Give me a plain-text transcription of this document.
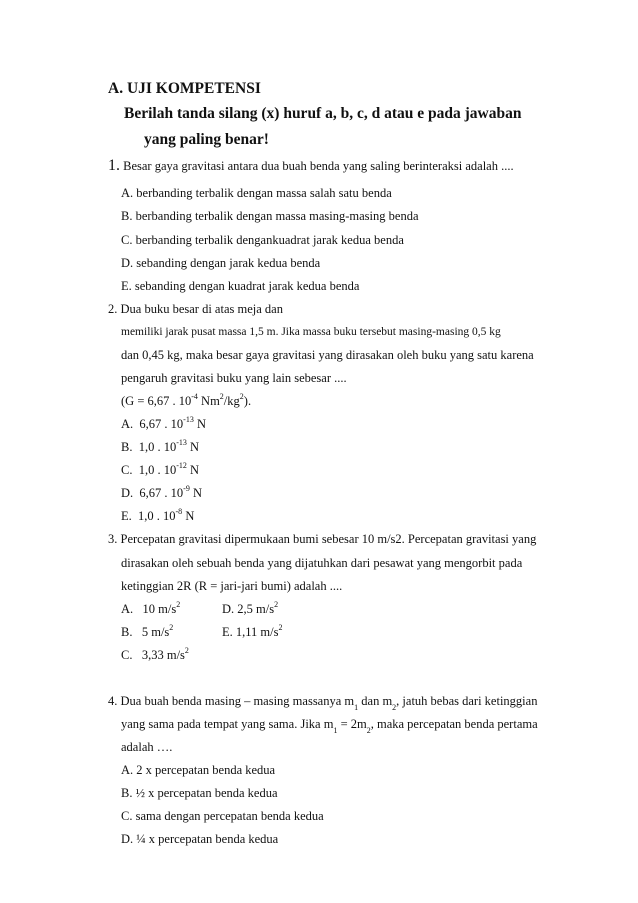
A. UJI KOMPETENSI
Berilah tanda silang (x) huruf a, b, c, d atau e pada jawaban
yang paling benar!
1. Besar gaya gravitasi antara dua buah benda yang saling berinteraksi adalah ....
A. berbanding terbalik dengan massa salah satu benda
B. berbanding terbalik dengan massa masing-masing benda
C. berbanding terbalik dengankuadrat jarak kedua benda
D. sebanding dengan jarak kedua benda
E. sebanding dengan kuadrat jarak kedua benda
2. Dua buku besar di atas meja dan
memiliki jarak pusat massa 1,5 m. Jika massa buku tersebut masing-masing 0,5 kg
dan 0,45 kg, maka besar gaya gravitasi yang dirasakan oleh buku yang satu karena
pengaruh gravitasi buku yang lain sebesar ....
(G = 6,67 . $10^{-4}$ $Nm^2/kg^2$).
A. 6,67 . $10^{-13}$ N
B. 1,0 . $10^{-13}$ N
C. 1,0 . $10^{-12}$ N
D. 6,67 . $10^{-9}$ N
E. 1,0 . $10^{-8}$ N
3. Percepatan gravitasi dipermukaan bumi sebesar 10 m/s2. Percepatan gravitasi yang
dirasakan oleh sebuah benda yang dijatuhkan dari pesawat yang mengorbit pada
ketinggian 2R (R = jari-jari bumi) adalah ....
A. 10 $m/s^2$	D. 2,5 $m/s^2$
B. 5 $m/s^2$	E. 1,11 $m/s^2$
C. 3,33 $m/s^2$
4. Dua buah benda masing – masing massanya $m_1$ dan $m_2$, jatuh bebas dari ketinggian
yang sama pada tempat yang sama. Jika $m_1 = 2m_2$, maka percepatan benda pertama
adalah ….
A. 2 x percepatan benda kedua
B. ½ x percepatan benda kedua
C. sama dengan percepatan benda kedua
D. ¼ x percepatan benda kedua
